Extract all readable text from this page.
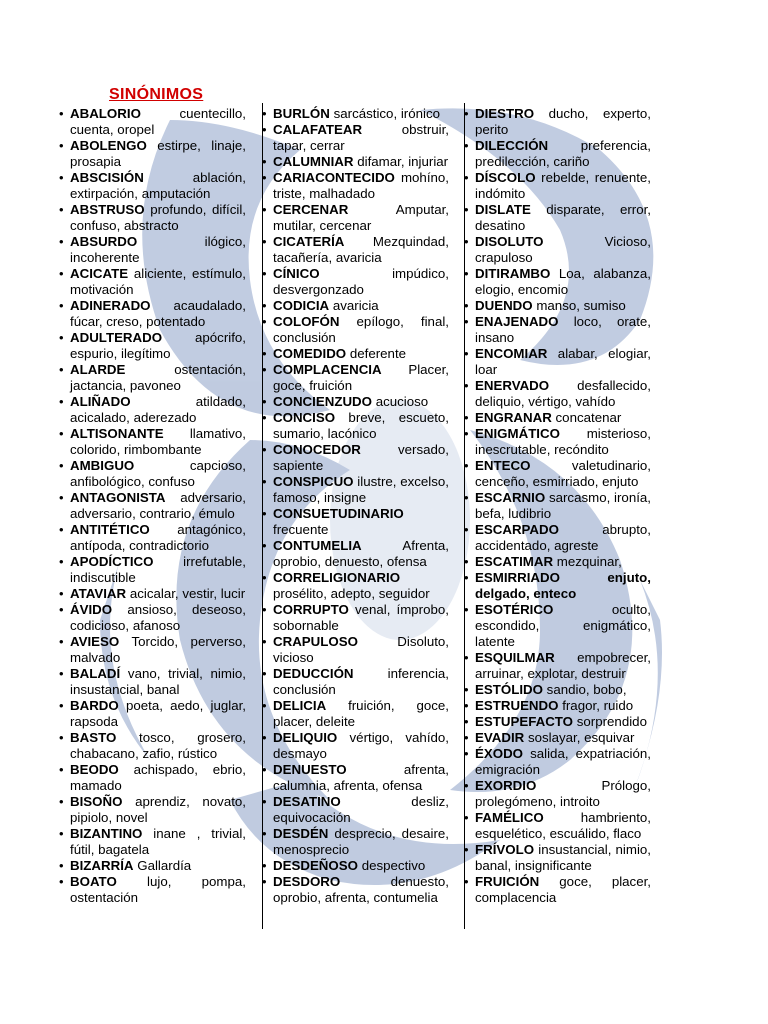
SINÓNIMOS
• ABALORIO	cuentecillo, cuenta, oropel
• ABOLENGO estirpe, linaje, prosapia
• ABSCISIÓN	ablación, extirpación, amputación
• ABSTRUSO profundo, difícil, confuso, abstracto
• ABSURDO	ilógico, incoherente
• ACICATE aliciente, estímulo, motivación
• ADINERADO acaudalado, fúcar, creso, potentado
• ADULTERADO apócrifo, espurio, ilegítimo
• ALARDE	ostentación, jactancia, pavoneo
• ALIÑADO	atildado, acicalado, aderezado
• ALTISONANTE llamativo, colorido, rimbombante
• AMBIGUO	capcioso, anfibológico, confuso
• ANTAGONISTA adversario, adversario, contrario, émulo
• ANTITÉTICO antagónico, antípoda, contradictorio
• APODÍCTICO irrefutable, indiscutible
• ATAVIAR acicalar, vestir, lucir
• ÁVIDO ansioso, deseoso, codicioso, afanoso
• AVIESO Torcido, perverso, malvado
• BALADÍ vano, trivial, nimio, insustancial, banal
• BARDO poeta, aedo, juglar, rapsoda
• BASTO tosco, grosero, chabacano, zafio, rústico
• BEODO achispado, ebrio, mamado
• BISOÑO aprendiz, novato, pipiolo, novel
• BIZANTINO inane , trivial, fútil, bagatela
• BIZARRÍA Gallardía
• BOATO lujo, pompa, ostentación
• BURLÓN sarcástico, irónico
• CALAFATEAR	obstruir, tapar, cerrar
• CALUMNIAR difamar, injuriar
• CARIACONTECIDO mohíno, triste, malhadado
• CERCENAR	Amputar, mutilar, cercenar
• CICATERÍA Mezquindad, tacañería, avaricia
• CÍNICO	impúdico, desvergonzado
• CODICIA avaricia
• COLOFÓN epílogo, final, conclusión
• COMEDIDO deferente
• COMPLACENCIA Placer, goce, fruición
• CONCIENZUDO acucioso
• CONCISO breve, escueto, sumario, lacónico
• CONOCEDOR	versado, sapiente
• CONSPICUO ilustre, excelso, famoso, insigne
• CONSUETUDINARIO frecuente
• CONTUMELIA	Afrenta, oprobio, denuesto, ofensa
• CORRELIGIONARIO prosélito, adepto, seguidor
• CORRUPTO venal, ímprobo, sobornable
• CRAPULOSO	Disoluto, vicioso
• DEDUCCIÓN	inferencia, conclusión
• DELICIA fruición, goce, placer, deleite
• DELIQUIO vértigo, vahído, desmayo
• DENUESTO	afrenta, calumnia, afrenta, ofensa
• DESATINO	desliz, equivocación
• DESDÉN desprecio, desaire, menosprecio
• DESDEÑOSO despectivo
• DESDORO	denuesto, oprobio, afrenta, contumelia
• DIESTRO ducho, experto, perito
• DILECCIÓN preferencia, predilección, cariño
• DÍSCOLO rebelde, renuente, indómito
• DISLATE disparate, error, desatino
• DISOLUTO	Vicioso, crapuloso
• DITIRAMBO Loa, alabanza, elogio, encomio
• DUENDO manso, sumiso
• ENAJENADO loco, orate, insano
• ENCOMIAR alabar, elogiar, loar
• ENERVADO desfallecido, deliquio, vértigo, vahído
• ENGRANAR concatenar
• ENIGMÁTICO misterioso, inescrutable, recóndito
• ENTECO	valetudinario, cenceño, esmirriado, enjuto
• ESCARNIO sarcasmo, ironía, befa, ludibrio
• ESCARPADO	abrupto, accidentado, agreste
• ESCATIMAR mezquinar,
• ESMIRRIADO	enjuto, delgado, enteco
• ESOTÉRICO	oculto, escondido, enigmático, latente
• ESQUILMAR empobrecer, arruinar, explotar, destruir
• ESTÓLIDO sandio, bobo,
• ESTRUENDO fragor, ruido
• ESTUPEFACTO sorprendido
• EVADIR soslayar, esquivar
• ÉXODO salida, expatriación, emigración
• EXORDIO	Prólogo, prolegómeno, introito
• FAMÉLICO	hambriento, esquelético, escuálido, flaco
• FRÍVOLO insustancial, nimio, banal, insignificante
• FRUICIÓN goce, placer, complacencia
